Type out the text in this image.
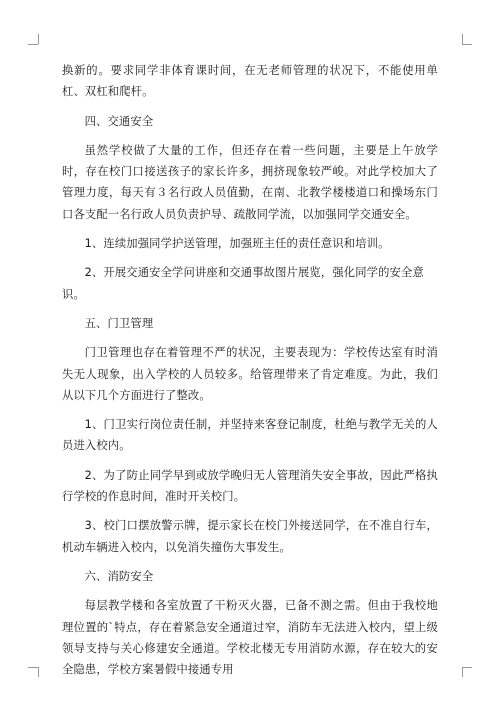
换新的。要求同学非体育课时间，在无老师管理的状况下，不能使用单杠、双杠和爬杆。

四、交通安全

虽然学校做了大量的工作，但还存在着一些问题，主要是上午放学时，存在校门口接送孩子的家长许多，拥挤现象较严峻。对此学校加大了管理力度，每天有３名行政人员值勤，在南、北教学楼楼道口和操场东门口各支配一名行政人员负责护导、疏散同学流，以加强同学交通安全。

1、连续加强同学护送管理，加强班主任的责任意识和培训。

2、开展交通安全学问讲座和交通事故图片展览，强化同学的安全意识。

五、门卫管理

门卫管理也存在着管理不严的状况，主要表现为：学校传达室有时消失无人现象，出入学校的人员较多。给管理带来了肯定难度。为此，我们从以下几个方面进行了整改。

1、门卫实行岗位责任制，并坚持来客登记制度，杜绝与教学无关的人员进入校内。

2、为了防止同学早到或放学晚归无人管理消失安全事故，因此严格执行学校的作息时间，准时开关校门。

3、校门口摆放警示牌，提示家长在校门外接送同学，在不准自行车，机动车辆进入校内，以免消失撞伤大事发生。

六、消防安全

每层教学楼和各室放置了干粉灭火器，已备不测之需。但由于我校地理位置的`特点，存在着紧急安全通道过窄，消防车无法进入校内，望上级领导支持与关心修建安全通道。学校北楼无专用消防水源，存在较大的安全隐患，学校方案暑假中接通专用
